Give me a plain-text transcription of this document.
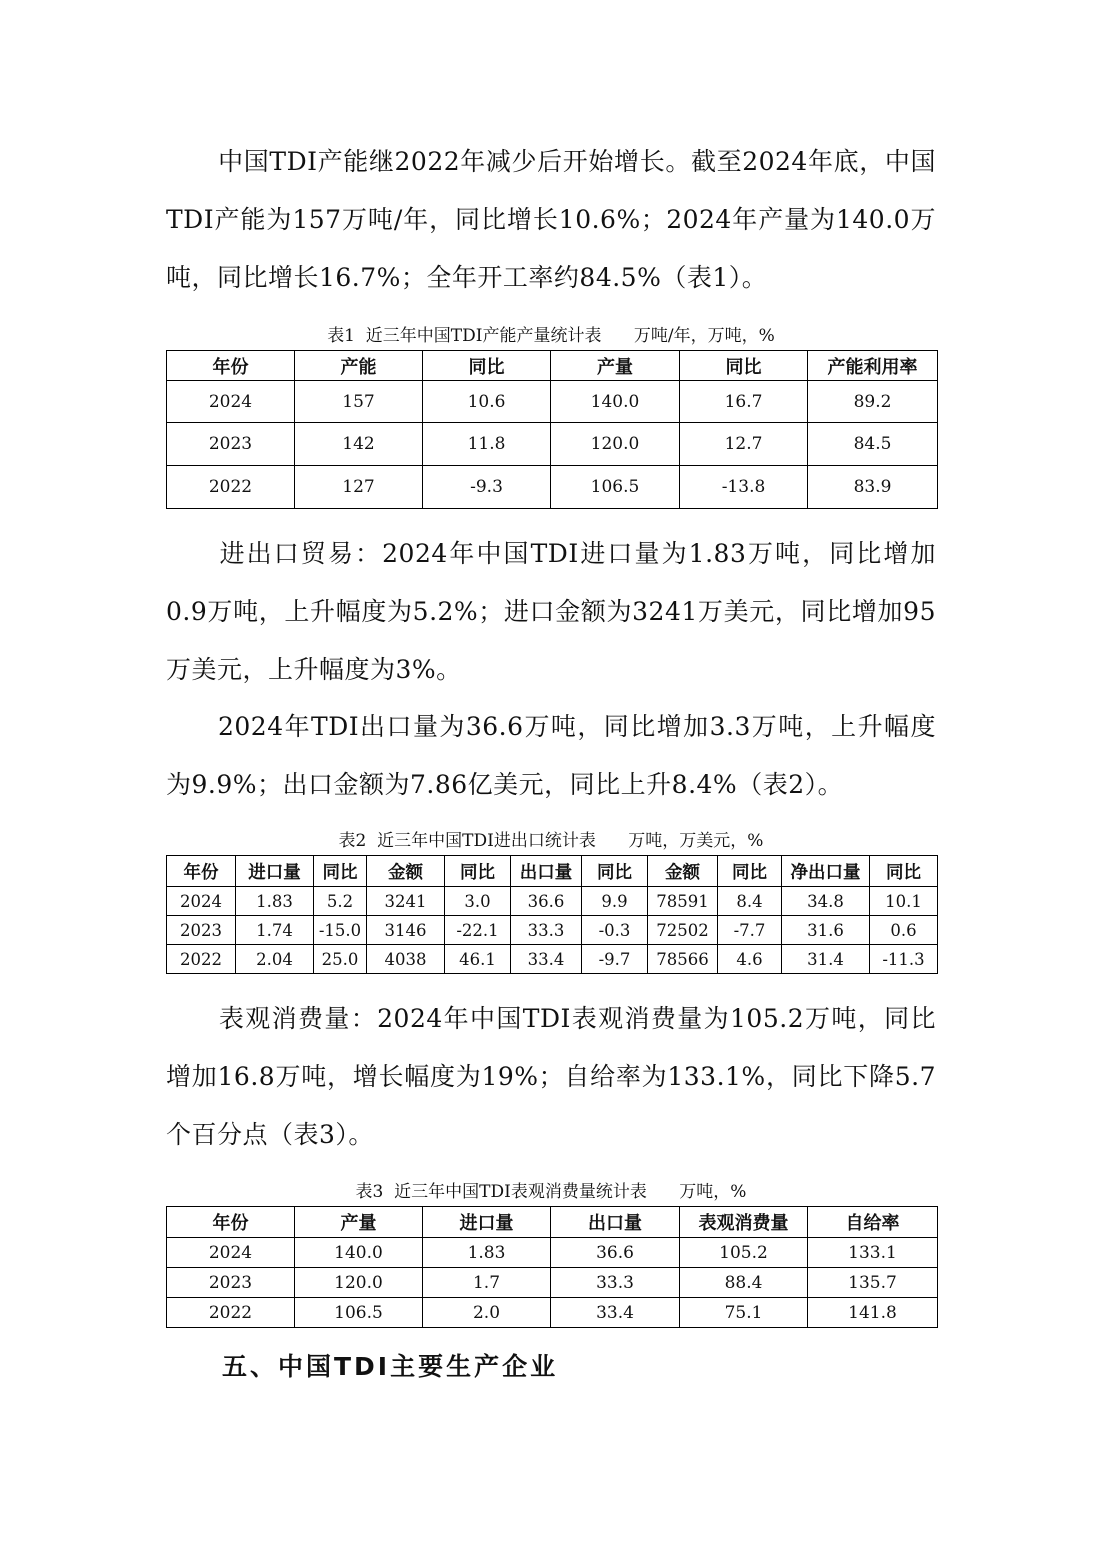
中国TDI产能继2022年减少后开始增长。截至2024年底，中国TDI产能为157万吨/年，同比增长10.6%；2024年产量为140.0万吨，同比增长16.7%；全年开工率约84.5%（表1）。

表1  近三年中国TDI产能产量统计表      万吨/年，万吨，%

年份	产能	同比	产量	同比	产能利用率
2024	157	10.6	140.0	16.7	89.2
2023	142	11.8	120.0	12.7	84.5
2022	127	-9.3	106.5	-13.8	83.9

进出口贸易：2024年中国TDI进口量为1.83万吨，同比增加0.9万吨，上升幅度为5.2%；进口金额为3241万美元，同比增加95万美元，上升幅度为3%。

2024年TDI出口量为36.6万吨，同比增加3.3万吨，上升幅度为9.9%；出口金额为7.86亿美元，同比上升8.4%（表2）。

表2  近三年中国TDI进出口统计表      万吨，万美元，%

年份	进口量	同比	金额	同比	出口量	同比	金额	同比	净出口量	同比
2024	1.83	5.2	3241	3.0	36.6	9.9	78591	8.4	34.8	10.1
2023	1.74	-15.0	3146	-22.1	33.3	-0.3	72502	-7.7	31.6	0.6
2022	2.04	25.0	4038	46.1	33.4	-9.7	78566	4.6	31.4	-11.3

表观消费量：2024年中国TDI表观消费量为105.2万吨，同比增加16.8万吨，增长幅度为19%；自给率为133.1%，同比下降5.7个百分点（表3）。

表3  近三年中国TDI表观消费量统计表      万吨，%

年份	产量	进口量	出口量	表观消费量	自给率
2024	140.0	1.83	36.6	105.2	133.1
2023	120.0	1.7	33.3	88.4	135.7
2022	106.5	2.0	33.4	75.1	141.8

五、中国TDI主要生产企业
